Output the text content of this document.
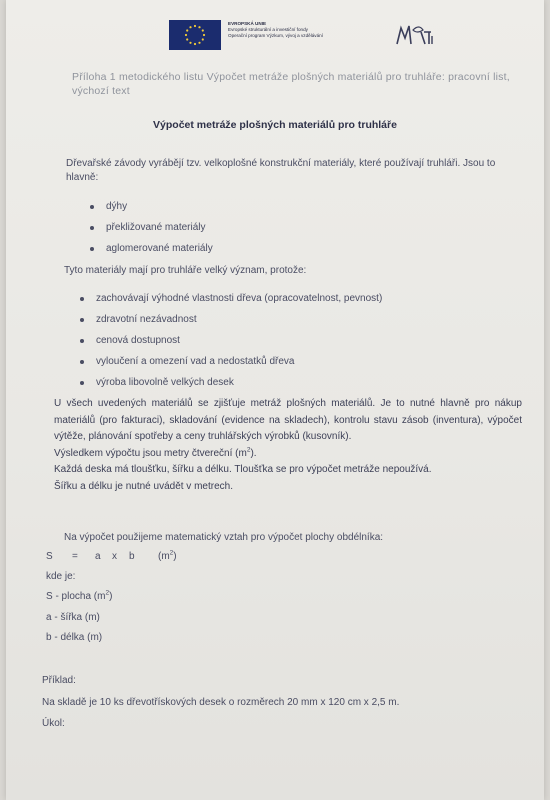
EVROPSKÁ UNIE
Evropské strukturální a investiční fondy
Operační program Výzkum, vývoj a vzdělávání
Příloha 1 metodického listu Výpočet metráže plošných materiálů pro truhláře: pracovní list, výchozí text
Výpočet metráže plošných materiálů pro truhláře
Dřevařské závody vyrábějí tzv. velkoplošné konstrukční materiály, které používají truhláři. Jsou to hlavně:
dýhy
překližované materiály
aglomerované materiály
Tyto materiály mají pro truhláře velký význam, protože:
zachovávají výhodné vlastnosti dřeva (opracovatelnost, pevnost)
zdravotní nezávadnost
cenová dostupnost
vyloučení a omezení vad a nedostatků dřeva
výroba libovolně velkých desek

U všech uvedených materiálů se zjišťuje metráž plošných materiálů. Je to nutné hlavně pro nákup materiálů (pro fakturaci), skladování (evidence na skladech), kontrolu stavu zásob (inventura), výpočet výtěže, plánování spotřeby a ceny truhlářských výrobků (kusovník).

Výsledkem výpočtu jsou metry čtvereční $(m^2)$.

Každá deska má tloušťku, šířku a délku. Tloušťka se pro výpočet metráže nepoužívá.

Šířku a délku je nutné uvádět v metrech.

Na výpočet použijeme matematický vztah pro výpočet plochy obdélníka:
S = a x b $(m^2)$
kde je:
S - plocha $(m^2)$
a - šířka (m)
b - délka (m)
Příklad:
Na skladě je 10 ks dřevotřískových desek o rozměrech 20 mm x 120 cm x 2,5 m.
Úkol:
